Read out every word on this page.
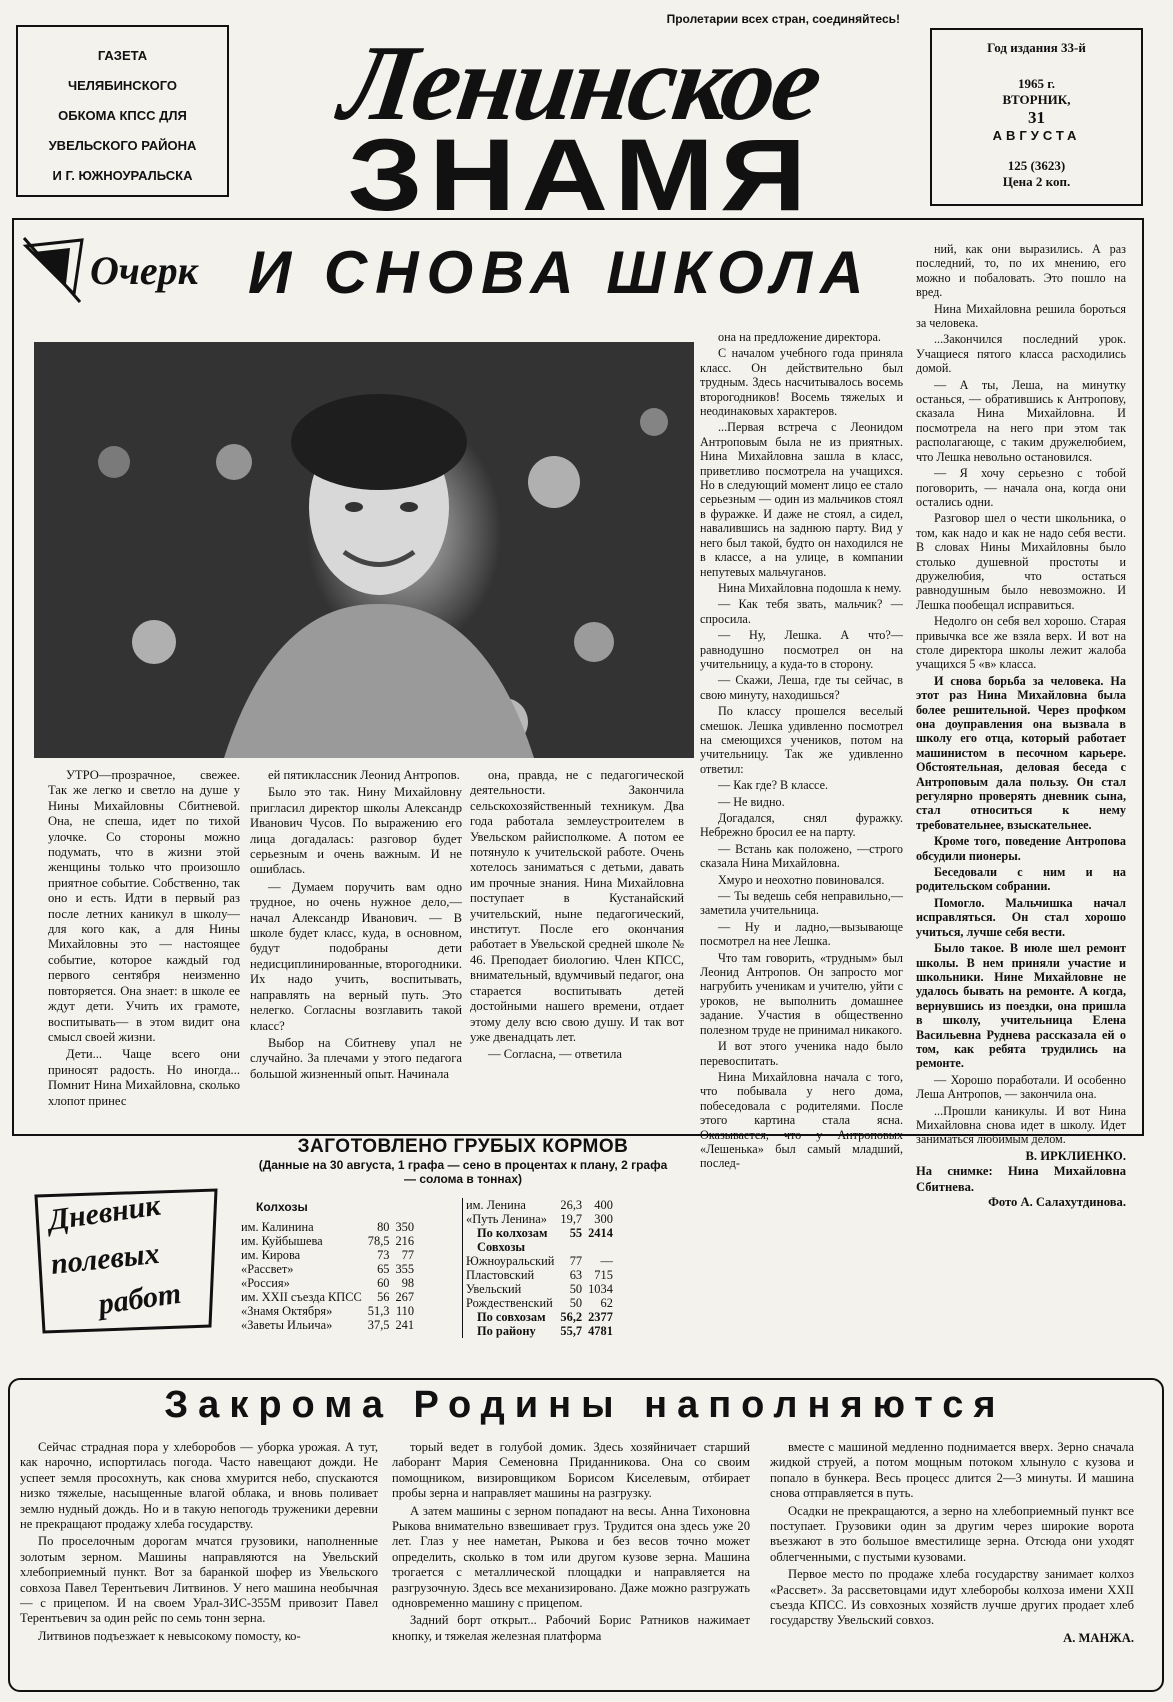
Пролетарии всех стран, соединяйтесь!
ГАЗЕТА
ЧЕЛЯБИНСКОГО
ОБКОМА КПСС ДЛЯ
УВЕЛЬСКОГО РАЙОНА
И Г. ЮЖНОУРАЛЬСКА
Ленинское
ЗНАМЯ
Год издания 33-й
1965 г.
ВТОРНИК,
31
АВГУСТА
125 (3623)
Цена 2 коп.
Очерк И СНОВА ШКОЛА

УТРО—прозрачное, свежее. Так же легко и светло на душе у Нины Михайловны Сбитневой. Она, не спеша, идет по тихой улочке. Со стороны можно подумать, что в жизни этой женщины только что произошло приятное событие. Собственно, так оно и есть. Идти в первый раз после летних каникул в школу—для кого как, а для Нины Михайловны это — настоящее событие, которое каждый год первого сентября неизменно повторяется. Она знает: в школе ее ждут дети. Учить их грамоте, воспитывать— в этом видит она смысл своей жизни.

Дети... Чаще всего они приносят радость. Но иногда... Помнит Нина Михайловна, сколько хлопот принес

ей пятиклассник Леонид Антропов.

Было это так. Нину Михайловну пригласил директор школы Александр Иванович Чусов. По выражению его лица догадалась: разговор будет серьезным и очень важным. И не ошиблась.

— Думаем поручить вам одно трудное, но очень нужное дело,—начал Александр Иванович. — В школе будет класс, куда, в основном, будут подобраны дети недисциплинированные, второгодники. Их надо учить, воспитывать, направлять на верный путь. Это нелегко. Согласны возглавить такой класс?

Выбор на Сбитневу упал не случайно. За плечами у этого педагога большой жизненный опыт. Начинала

она, правда, не с педагогической деятельности. Закончила сельскохозяйственный техникум. Два года работала землеустроителем в Увельском райисполкоме. А потом ее потянуло к учительской работе. Очень хотелось заниматься с детьми, давать им прочные знания. Нина Михайловна поступает в Кустанайский учительский, ныне педагогический, институт. После его окончания работает в Увельской средней школе № 46. Преподает биологию. Член КПСС, внимательный, вдумчивый педагог, она старается воспитывать детей достойными нашего времени, отдает этому делу всю свою душу. И так вот уже двенадцать лет.

— Согласна, — ответила

она на предложение директора.

С началом учебного года приняла класс. Он действительно был трудным. Здесь насчитывалось восемь второгодников! Восемь тяжелых и неодинаковых характеров.

...Первая встреча с Леонидом Антроповым была не из приятных. Нина Михайловна зашла в класс, приветливо посмотрела на учащихся. Но в следующий момент лицо ее стало серьезным — один из мальчиков стоял в фуражке. И даже не стоял, а сидел, навалившись на заднюю парту. Вид у него был такой, будто он находился не в классе, а на улице, в компании непутевых мальчуганов.

Нина Михайловна подошла к нему.

— Как тебя звать, мальчик? — спросила.

— Ну, Лешка. А что?—равнодушно посмотрел он на учительницу, а куда-то в сторону.

— Скажи, Леша, где ты сейчас, в свою минуту, находишься?

По классу прошелся веселый смешок. Лешка удивленно посмотрел на смеющихся учеников, потом на учительницу. Так же удивленно ответил:

— Как где? В классе.

— Не видно.

Догадался, снял фуражку. Небрежно бросил ее на парту.

— Встань как положено, —строго сказала Нина Михайловна.

Хмуро и неохотно повиновался.

— Ты ведешь себя неправильно,— заметила учительница.

— Ну и ладно,—вызывающе посмотрел на нее Лешка.

Что там говорить, «трудным» был Леонид Антропов. Он запросто мог нагрубить ученикам и учителю, уйти с уроков, не выполнить домашнее задание. Участия в общественно полезном труде не принимал никакого.

И вот этого ученика надо было перевоспитать.

Нина Михайловна начала с того, что побывала у него дома, побеседовала с родителями. После этого картина стала ясна. Оказывается, что у Антроповых «Лешенька» был самый младший, послед-

ний, как они выразились. А раз последний, то, по их мнению, его можно и побаловать. Это пошло на вред.

Нина Михайловна решила бороться за человека.

...Закончился последний урок. Учащиеся пятого класса расходились домой.

— А ты, Леша, на минутку останься, — обратившись к Антропову, сказала Нина Михайловна. И посмотрела на него при этом так располагающе, с таким дружелюбием, что Лешка невольно остановился.

— Я хочу серьезно с тобой поговорить, — начала она, когда они остались одни.

Разговор шел о чести школьника, о том, как надо и как не надо себя вести. В словах Нины Михайловны было столько душевной простоты и дружелюбия, что остаться равнодушным было невозможно. И Лешка пообещал исправиться.

Недолго он себя вел хорошо. Старая привычка все же взяла верх. И вот на столе директора школы лежит жалоба учащихся 5 «в» класса.

И снова борьба за человека. На этот раз Нина Михайловна была более решительной. Через профком она доуправления она вызвала в школу его отца, который работает машинистом в песочном карьере. Обстоятельная, деловая беседа с Антроповым дала пользу. Он стал регулярно проверять дневник сына, стал относиться к нему требовательнее, взыскательнее.

Кроме того, поведение Антропова обсудили пионеры.

Беседовали с ним и на родительском собрании.

Помогло. Мальчишка начал исправляться. Он стал хорошо учиться, лучше себя вести.

Было такое. В июле шел ремонт школы. В нем приняли участие и школьники. Нине Михайловне не удалось бывать на ремонте. А когда, вернувшись из поездки, она пришла в школу, учительница Елена Васильевна Руднева рассказала ей о том, как ребята трудились на ремонте.

— Хорошо поработали. И особенно Леша Антропов, — закончила она.

...Прошли каникулы. И вот Нина Михайловна снова идет в школу. Идет заниматься любимым делом.

В. ИРКЛИЕНКО.
На снимке: Нина Михайловна Сбитнева.
Фото А. Салахутдинова.
Дневник
полевых
работ
ЗАГОТОВЛЕНО ГРУБЫХ КОРМОВ
(Данные на 30 августа, 1 графа — сено в процентах к плану, 2 графа — солома в тоннах)
Колхозы
им. Калинина	80	350
им. Куйбышева	78,5	216
им. Кирова	73	77
«Рассвет»	65	355
«Россия»	60	98
им. XXII съезда КПСС	56	267
«Знамя Октября»	51,3	110
«Заветы Ильича»	37,5	241
им. Ленина	26,3	400
«Путь Ленина»	19,7	300
По колхозам	55	2414
Совхозы		
Южноуральский	77	—
Пластовский	63	715
Увельский	50	1034
Рождественский	50	62
По совхозам	56,2	2377
По району	55,7	4781
Закрома Родины наполняются

Сейчас страдная пора у хлеборобов — уборка урожая. А тут, как нарочно, испортилась погода. Часто навещают дожди. Не успеет земля просохнуть, как снова хмурится небо, спускаются низко тяжелые, насыщенные влагой облака, и вновь поливает землю нудный дождь. Но и в такую непогодь труженики деревни не прекращают продажу хлеба государству.

По проселочным дорогам мчатся грузовики, наполненные золотым зерном. Машины направляются на Увельский хлебоприемный пункт. Вот за баранкой шофер из Увельского совхоза Павел Терентьевич Литвинов. У него машина необычная — с прицепом. И на своем Урал-ЗИС-355М привозит Павел Терентьевич за один рейс по семь тонн зерна.

Литвинов подъезжает к невысокому помосту, ко-

торый ведет в голубой домик. Здесь хозяйничает старший лаборант Мария Семеновна Приданникова. Она со своим помощником, визировщиком Борисом Киселевым, отбирает пробы зерна и направляет машины на разгрузку.

А затем машины с зерном попадают на весы. Анна Тихоновна Рыкова внимательно взвешивает груз. Трудится она здесь уже 20 лет. Глаз у нее наметан, Рыкова и без весов точно может определить, сколько в том или другом кузове зерна. Машина трогается с металлической площадки и направляется на разгрузочную. Здесь все механизировано. Даже можно разгружать одновременно машину с прицепом.

Задний борт открыт... Рабочий Борис Ратников нажимает кнопку, и тяжелая железная платформа

вместе с машиной медленно поднимается вверх. Зерно сначала жидкой струей, а потом мощным потоком хлынуло с кузова и попало в бункера. Весь процесс длится 2—3 минуты. И машина снова отправляется в путь.

Осадки не прекращаются, а зерно на хлебоприемный пункт все поступает. Грузовики один за другим через широкие ворота въезжают в это большое вместилище зерна. Отсюда они уходят облегченными, с пустыми кузовами.

Первое место по продаже хлеба государству занимает колхоз «Рассвет». За рассветовцами идут хлеборобы колхоза имени XXII съезда КПСС. Из совхозных хозяйств лучше других продает хлеб государству Увельский совхоз.

А. МАНЖА.
